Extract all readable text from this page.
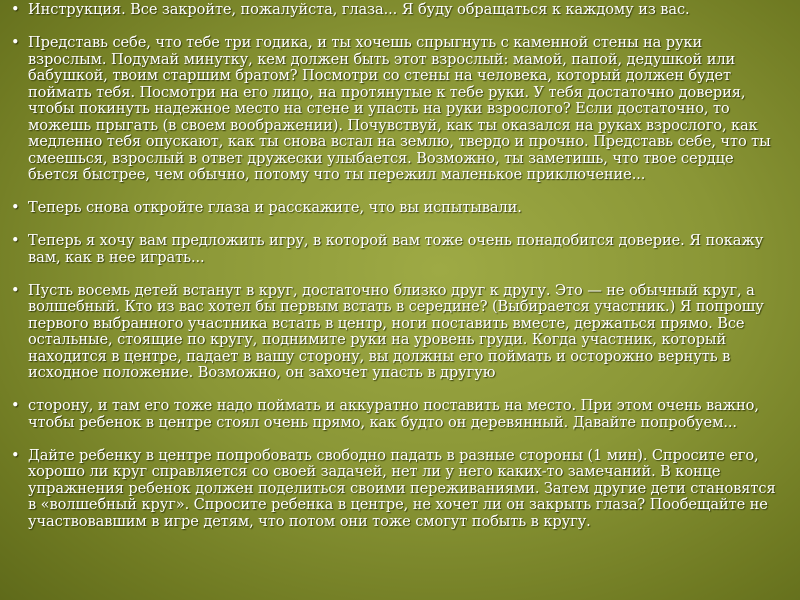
• Инструкция. Все закройте, пожалуйста, глаза... Я буду обращаться к каждому из вас.
• Представь себе, что тебе три годика, и ты хочешь спрыгнуть с каменной стены на руки взрослым. Подумай минутку, кем должен быть этот взрослый: мамой, папой, дедушкой или бабушкой, твоим старшим братом? Посмотри со стены на человека, который должен будет поймать тебя. Посмотри на его лицо, на протянутые к тебе руки. У тебя достаточно доверия, чтобы покинуть надежное место на стене и упасть на руки взрослого? Если достаточно, то можешь прыгать (в своем воображении). Почувствуй, как ты оказался на руках взрослого, как медленно тебя опускают, как ты снова встал на землю, твердо и прочно. Представь себе, что ты смеешься, взрослый в ответ дружески улыбается. Возможно, ты заметишь, что твое сердце бьется быстрее, чем обычно, потому что ты пережил маленькое приключение...
• Теперь снова откройте глаза и расскажите, что вы испытывали.
• Теперь я хочу вам предложить игру, в которой вам тоже очень понадобится доверие. Я покажу вам, как в нее играть...
• Пусть восемь детей встанут в круг, достаточно близко друг к другу. Это — не обычный круг, а волшебный. Кто из вас хотел бы первым встать в середине? (Выбирается участник.) Я попрошу первого выбранного участника встать в центр, ноги поставить вместе, держаться прямо. Все остальные, стоящие по кругу, поднимите руки на уровень груди. Когда участник, который находится в центре, падает в вашу сторону, вы должны его поймать и осторожно вернуть в исходное положение. Возможно, он захочет упасть в другую
• сторону, и там его тоже надо поймать и аккуратно поставить на место. При этом очень важно, чтобы ребенок в центре стоял очень прямо, как будто он деревянный. Давайте попробуем...
• Дайте ребенку в центре попробовать свободно падать в разные стороны (1 мин). Спросите его, хорошо ли круг справляется со своей задачей, нет ли у него каких-то замечаний. В конце упражнения ребенок должен поделиться своими переживаниями. Затем другие дети становятся в «волшебный круг». Спросите ребенка в центре, не хочет ли он закрыть глаза? Пообещайте не участвовавшим в игре детям, что потом они тоже смогут побыть в кругу.
